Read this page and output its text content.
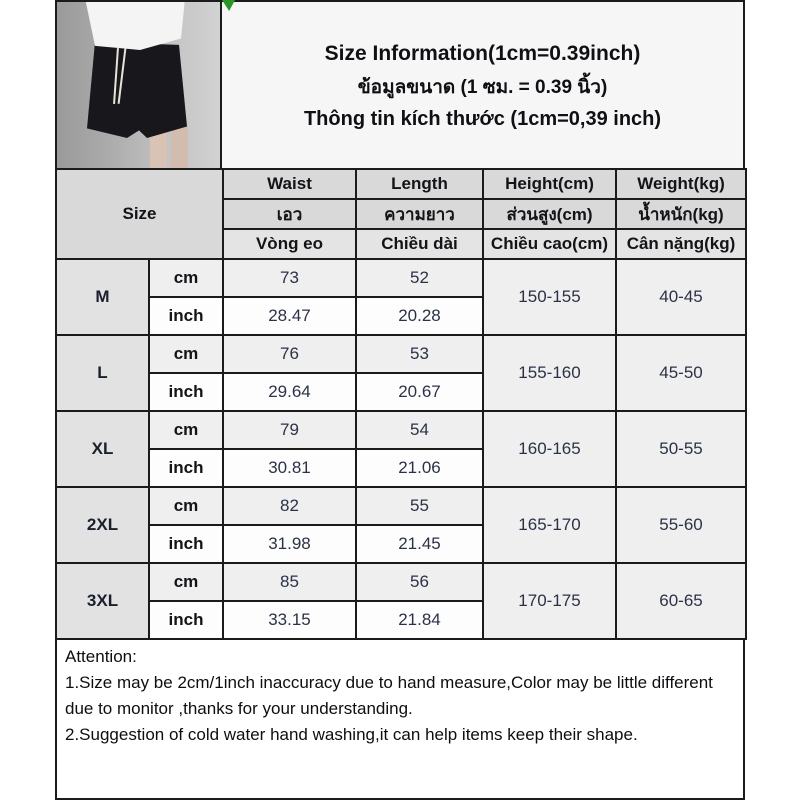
Size Information(1cm=0.39inch)
ข้อมูลขนาด (1 ซม. = 0.39 นิ้ว)
Thông tin kích thước (1cm=0,39 inch)
Size		Waist	Length	Height(cm)	Weight(kg)
		เอว	ความยาว	ส่วนสูง(cm)	น้ำหนัก(kg)
		Vòng eo	Chiều dài	Chiều cao(cm)	Cân nặng(kg)
M	cm	73	52	150-155	40-45
	inch	28.47	20.28		
L	cm	76	53	155-160	45-50
	inch	29.64	20.67		
XL	cm	79	54	160-165	50-55
	inch	30.81	21.06		
2XL	cm	82	55	165-170	55-60
	inch	31.98	21.45		
3XL	cm	85	56	170-175	60-65
	inch	33.15	21.84		
Attention:
1.Size may be 2cm/1inch inaccuracy due to hand measure,Color may be little different due to monitor ,thanks for your understanding.
2.Suggestion of cold water hand washing,it can help items keep their shape.
